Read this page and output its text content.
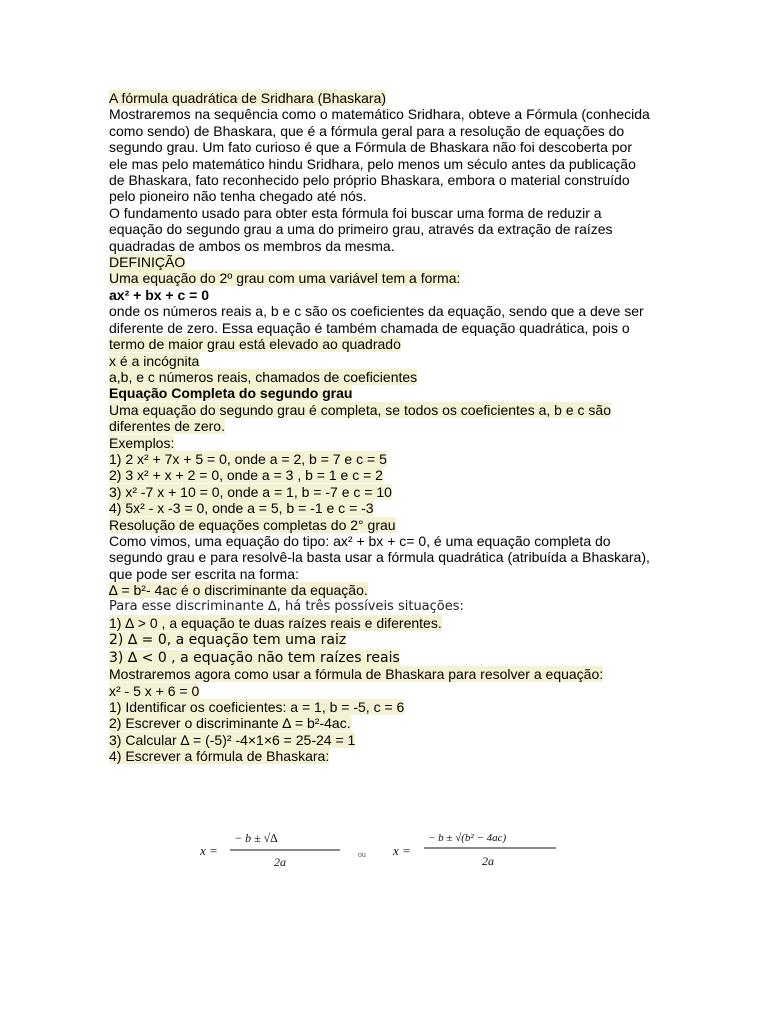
A fórmula quadrática de Sridhara (Bhaskara)
Mostraremos na sequência como o matemático Sridhara, obteve a Fórmula (conhecida
como sendo) de Bhaskara, que é a fórmula geral para a resolução de equações do
segundo grau. Um fato curioso é que a Fórmula de Bhaskara não foi descoberta por
ele mas pelo matemático hindu Sridhara, pelo menos um século antes da publicação
de Bhaskara, fato reconhecido pelo próprio Bhaskara, embora o material construído
pelo pioneiro não tenha chegado até nós.
O fundamento usado para obter esta fórmula foi buscar uma forma de reduzir a
equação do segundo grau a uma do primeiro grau, através da extração de raízes
quadradas de ambos os membros da mesma.
DEFINIÇÃO
Uma equação do 2º grau com uma variável tem a forma:
ax² + bx + c = 0
onde os números reais a, b e c são os coeficientes da equação, sendo que a deve ser
diferente de zero. Essa equação é também chamada de equação quadrática, pois o
termo de maior grau está elevado ao quadrado
x é a incógnita
a,b, e c números reais, chamados de coeficientes
Equação Completa do segundo grau
Uma equação do segundo grau é completa, se todos os coeficientes a, b e c são
diferentes de zero.
Exemplos:
1) 2 x² + 7x + 5 = 0, onde a = 2, b = 7 e c = 5
2) 3 x² + x + 2 = 0, onde a = 3 , b = 1 e c = 2
3) x² -7 x + 10 = 0, onde a = 1, b = -7 e c = 10
4) 5x² - x -3 = 0, onde a = 5, b = -1 e c = -3
Resolução de equações completas do 2° grau
Como vimos, uma equação do tipo: ax² + bx + c= 0, é uma equação completa do
segundo grau e para resolvê-la basta usar a fórmula quadrática (atribuída a Bhaskara),
que pode ser escrita na forma:
∆ = b²- 4ac é o discriminante da equação.
Para esse discriminante ∆, há três possíveis situações:
1) ∆ > 0 , a equação te duas raízes reais e diferentes.
2) ∆ = 0, a equação tem uma raiz
3) ∆ < 0 , a equação não tem raízes reais
Mostraremos agora como usar a fórmula de Bhaskara para resolver a equação:
x² - 5 x + 6 = 0
1) Identificar os coeficientes: a = 1, b = -5, c = 6
2) Escrever o discriminante ∆ = b²-4ac.
3) Calcular ∆ = (-5)² -4×1×6 = 25-24 = 1
4) Escrever a fórmula de Bhaskara:
x =
− b ± √∆
2a	ou x =
− b ± √(b² − 4ac)
2a
